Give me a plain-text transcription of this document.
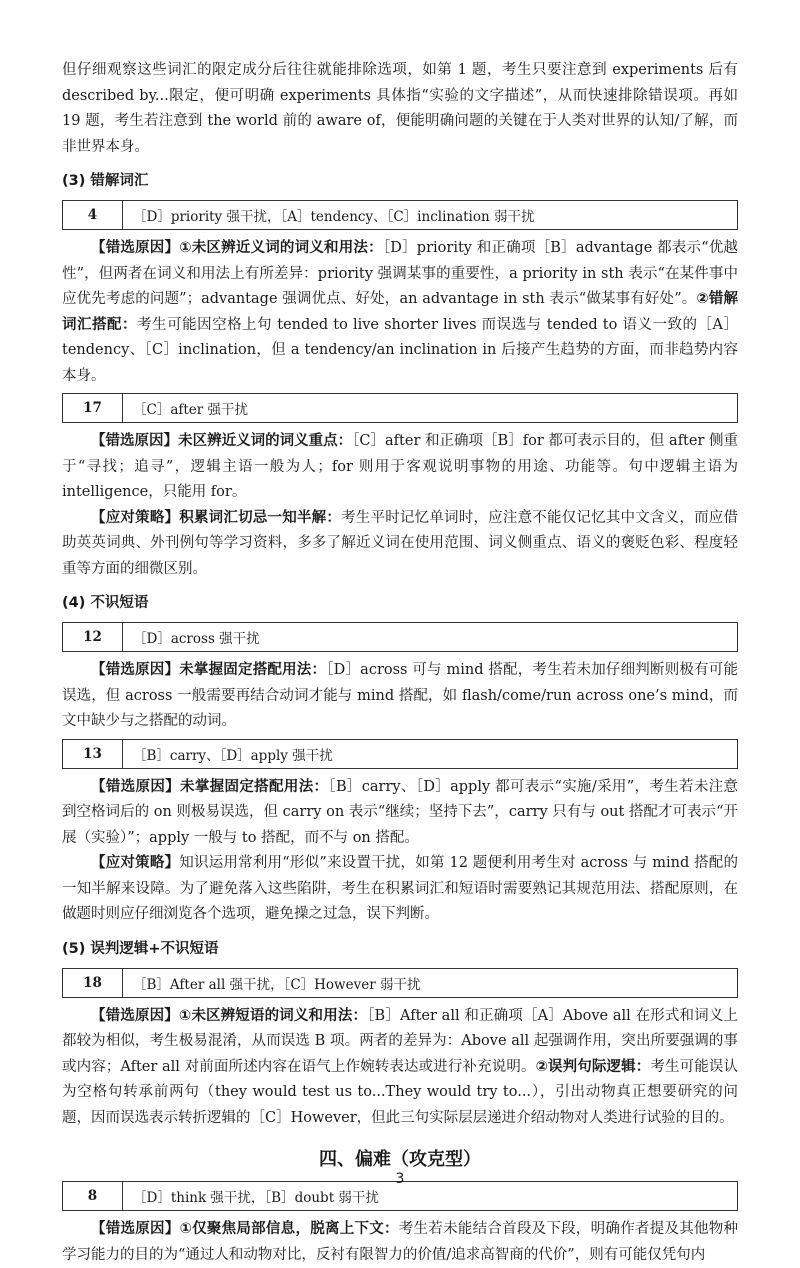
但仔细观察这些词汇的限定成分后往往就能排除选项，如第 1 题，考生只要注意到 experiments 后有 described by...限定，便可明确 experiments 具体指“实验的文字描述”，从而快速排除错误项。再如 19 题，考生若注意到 the world 前的 aware of，便能明确问题的关键在于人类对世界的认知/了解，而非世界本身。

(3) 错解词汇
4	［D］priority 强干扰，［A］tendency、［C］inclination 弱干扰

【错选原因】①未区辨近义词的词义和用法：［D］priority 和正确项［B］advantage 都表示“优越性”，但两者在词义和用法上有所差异：priority 强调某事的重要性，a priority in sth 表示“在某件事中应优先考虑的问题”；advantage 强调优点、好处，an advantage in sth 表示“做某事有好处”。②错解词汇搭配：考生可能因空格上句 tended to live shorter lives 而误选与 tended to 语义一致的［A］tendency、［C］inclination，但 a tendency/an inclination in 后接产生趋势的方面，而非趋势内容本身。

17	［C］after 强干扰

【错选原因】未区辨近义词的词义重点：［C］after 和正确项［B］for 都可表示目的，但 after 侧重于“寻找；追寻”，逻辑主语一般为人；for 则用于客观说明事物的用途、功能等。句中逻辑主语为 intelligence，只能用 for。

【应对策略】积累词汇切忌一知半解：考生平时记忆单词时，应注意不能仅记忆其中文含义，而应借助英英词典、外刊例句等学习资料，多多了解近义词在使用范围、词义侧重点、语义的褒贬色彩、程度轻重等方面的细微区别。

(4) 不识短语
12	［D］across 强干扰

【错选原因】未掌握固定搭配用法：［D］across 可与 mind 搭配，考生若未加仔细判断则极有可能误选，但 across 一般需要再结合动词才能与 mind 搭配，如 flash/come/run across one’s mind，而文中缺少与之搭配的动词。

13	［B］carry、［D］apply 强干扰

【错选原因】未掌握固定搭配用法：［B］carry、［D］apply 都可表示“实施/采用”，考生若未注意到空格词后的 on 则极易误选，但 carry on 表示“继续；坚持下去”，carry 只有与 out 搭配才可表示“开展（实验）”；apply 一般与 to 搭配，而不与 on 搭配。

【应对策略】知识运用常利用“形似”来设置干扰，如第 12 题便利用考生对 across 与 mind 搭配的一知半解来设障。为了避免落入这些陷阱，考生在积累词汇和短语时需要熟记其规范用法、搭配原则，在做题时则应仔细浏览各个选项，避免操之过急，误下判断。

(5) 误判逻辑+不识短语
18	［B］After all 强干扰，［C］However 弱干扰

【错选原因】①未区辨短语的词义和用法：［B］After all 和正确项［A］Above all 在形式和词义上都较为相似，考生极易混淆，从而误选 B 项。两者的差异为：Above all 起强调作用，突出所要强调的事或内容；After all 对前面所述内容在语气上作婉转表达或进行补充说明。②误判句际逻辑：考生可能误认为空格句转承前两句（they would test us to...They would try to...），引出动物真正想要研究的问题，因而误选表示转折逻辑的［C］However，但此三句实际层层递进介绍动物对人类进行试验的目的。

四、偏难（攻克型）
8	［D］think 强干扰，［B］doubt 弱干扰

【错选原因】①仅聚焦局部信息，脱离上下文：考生若未能结合首段及下段，明确作者提及其他物种学习能力的目的为“通过人和动物对比，反衬有限智力的价值/追求高智商的代价”，则有可能仅凭句内

3
